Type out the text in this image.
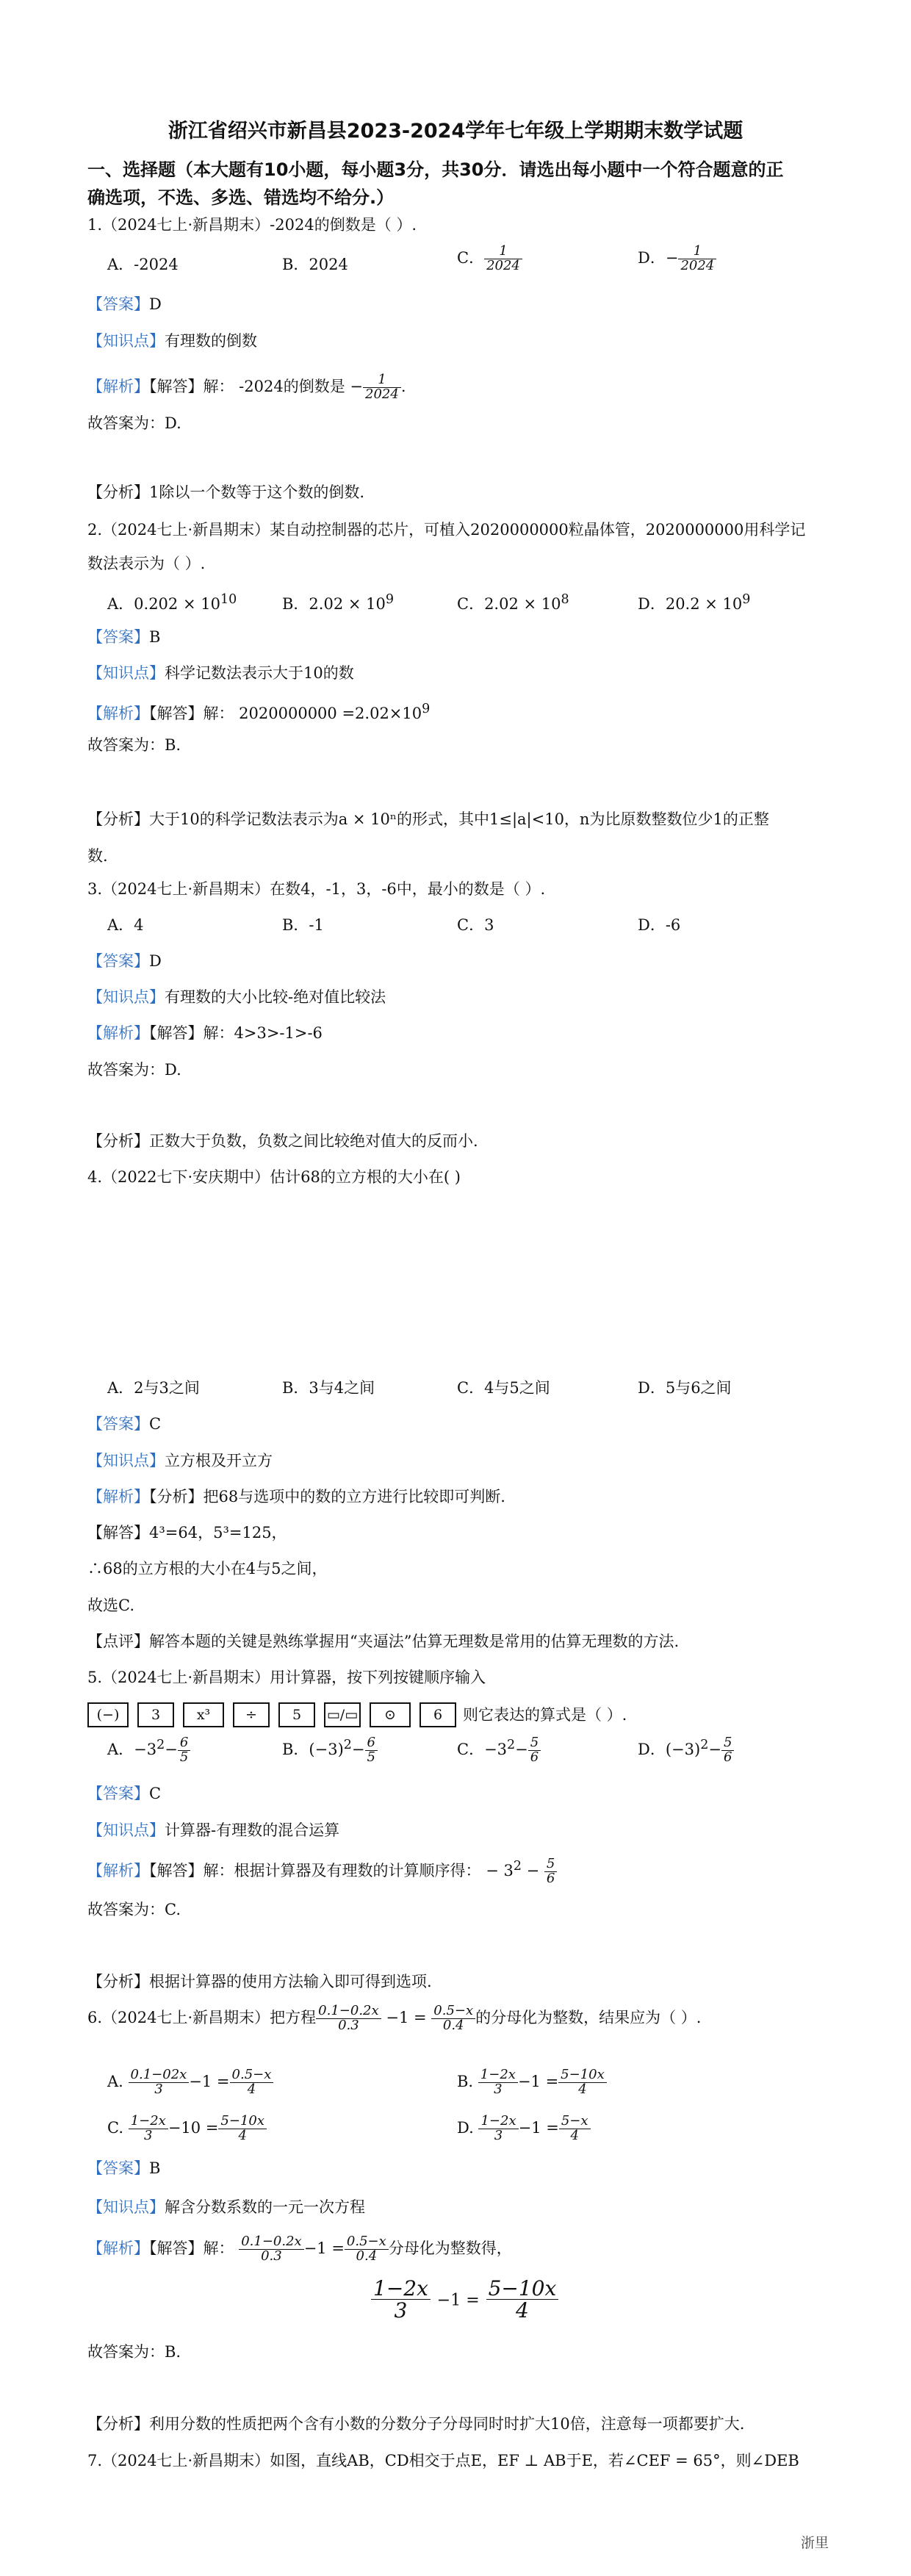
浙江省绍兴市新昌县2023-2024学年七年级上学期期末数学试题
一、选择题（本大题有10小题，每小题3分，共30分．请选出每小题中一个符合题意的正
确选项，不选、多选、错选均不给分.）
1.（2024七上·新昌期末）-2024的倒数是（ ）.
A．-2024	B．2024	C． $\frac{1}{2024}$	D．− $\frac{1}{2024}$
【答案】D
【知识点】有理数的倒数
【解析】【解答】解： -2024的倒数是 − $\frac{1}{2024}$ .
故答案为：D.
【分析】1除以一个数等于这个数的倒数.
2.（2024七上·新昌期末）某自动控制器的芯片，可植入2020000000粒晶体管，2020000000用科学记
数法表示为（ ）.
A．$0.202 \times 10^{10}$	B．$2.02 \times 10^9$	C．$2.02 \times 10^8$	D．$20.2 \times 10^9$
【答案】B
【知识点】科学记数法表示大于10的数
【解析】【解答】解： $2020000000 =2.02\times 10^9$
故答案为：B.
【分析】大于10的科学记数法表示为a × 10ⁿ的形式，其中1≤|a|<10，n为比原数整数位少1的正整
数.
3.（2024七上·新昌期末）在数4，-1，3，-6中，最小的数是（ ）.
A．4	B．-1	C．3	D．-6
【答案】D
【知识点】有理数的大小比较-绝对值比较法
【解析】【解答】解：4>3>-1>-6
故答案为：D.
【分析】正数大于负数，负数之间比较绝对值大的反而小.
4.（2022七下·安庆期中）估计68的立方根的大小在( )
A．2与3之间	B．3与4之间	C．4与5之间	D．5与6之间
【答案】C
【知识点】立方根及开立方
【解析】【分析】把68与选项中的数的立方进行比较即可判断.
【解答】4³=64，5³=125，
∴68的立方根的大小在4与5之间，
故选C.
【点评】解答本题的关键是熟练掌握用“夹逼法”估算无理数是常用的估算无理数的方法.
5.（2024七上·新昌期末）用计算器，按下列按键顺序输入
(−)	3	x³	÷	5	▭/▭	⊙	6	则它表达的算式是（ ）.
A．$-3^2- \frac{6}{5}$	B．$(-3)^2- \frac{6}{5}$	C．$-3^2- \frac{5}{6}$	D．$(-3)^2- \frac{5}{6}$
【答案】C
【知识点】计算器-有理数的混合运算
【解析】【解答】解：根据计算器及有理数的计算顺序得： − $3^2 - \frac{5}{6}$
故答案为：C.
【分析】根据计算器的使用方法输入即可得到选项.
6.（2024七上·新昌期末）把方程 $\frac{0.1-0.2x}{0.3} -1 = \frac{0.5-x}{0.4}$ 的分母化为整数，结果应为（ ）.
A. $\frac{0.1-02x}{3} -1 = \frac{0.5-x}{4}$	B. $\frac{1-2x}{3} -1 = \frac{5-10x}{4}$
C. $\frac{1-2x}{3} -10 = \frac{5-10x}{4}$	D. $\frac{1-2x}{3} -1 = \frac{5-x}{4}$
【答案】B
【知识点】解含分数系数的一元一次方程
【解析】【解答】解： $\frac{0.1-0.2x}{0.3} -1 = \frac{0.5-x}{0.4}$ 分母化为整数得，
$\frac{1-2x}{3} -1 = \frac{5-10x}{4}$
故答案为：B.
【分析】利用分数的性质把两个含有小数的分数分子分母同时时扩大10倍，注意每一项都要扩大.
7.（2024七上·新昌期末）如图，直线AB，CD相交于点E，EF ⊥ AB于E，若∠CEF = 65°，则∠DEB
浙里
